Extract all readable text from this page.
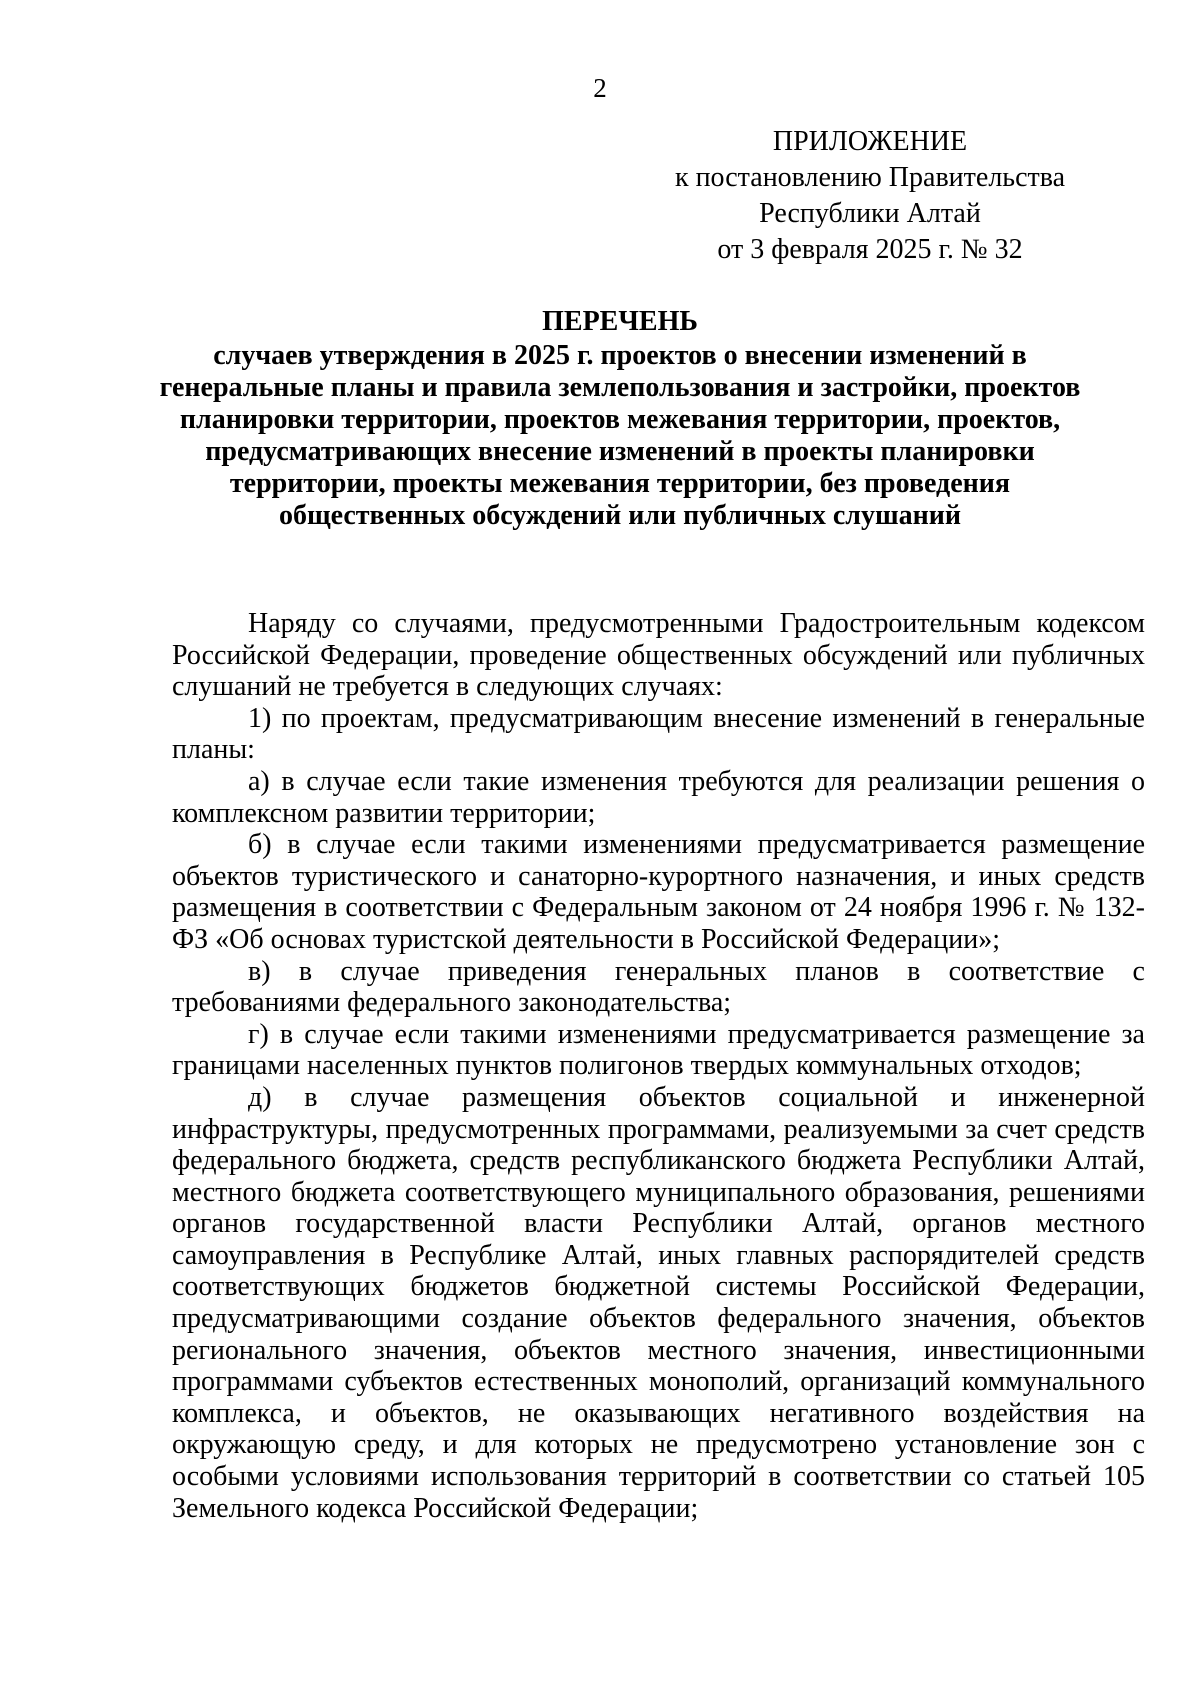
2
ПРИЛОЖЕНИЕ
к постановлению Правительства
Республики Алтай
от 3 февраля 2025 г. № 32
ПЕРЕЧЕНЬ
случаев утверждения в 2025 г. проектов о внесении изменений в
генеральные планы и правила землепользования и застройки, проектов
планировки территории, проектов межевания территории, проектов,
предусматривающих внесение изменений в проекты планировки
территории, проекты межевания территории, без проведения
общественных обсуждений или публичных слушаний

Наряду со случаями, предусмотренными Градостроительным кодексом Российской Федерации, проведение общественных обсуждений или публичных слушаний не требуется в следующих случаях:

1) по проектам, предусматривающим внесение изменений в генеральные планы:

а) в случае если такие изменения требуются для реализации решения о комплексном развитии территории;

б) в случае если такими изменениями предусматривается размещение объектов туристического и санаторно-курортного назначения, и иных средств размещения в соответствии с Федеральным законом от 24 ноября 1996 г. № 132-ФЗ «Об основах туристской деятельности в Российской Федерации»;

в) в случае приведения генеральных планов в соответствие с требованиями федерального законодательства;

г) в случае если такими изменениями предусматривается размещение за границами населенных пунктов полигонов твердых коммунальных отходов;

д) в случае размещения объектов социальной и инженерной инфраструктуры, предусмотренных программами, реализуемыми за счет средств федерального бюджета, средств республиканского бюджета Республики Алтай, местного бюджета соответствующего муниципального образования, решениями органов государственной власти Республики Алтай, органов местного самоуправления в Республике Алтай, иных главных распорядителей средств соответствующих бюджетов бюджетной системы Российской Федерации, предусматривающими создание объектов федерального значения, объектов регионального значения, объектов местного значения, инвестиционными программами субъектов естественных монополий, организаций коммунального комплекса, и объектов, не оказывающих негативного воздействия на окружающую среду, и для которых не предусмотрено установление зон с особыми условиями использования территорий в соответствии со статьей 105 Земельного кодекса Российской Федерации;
